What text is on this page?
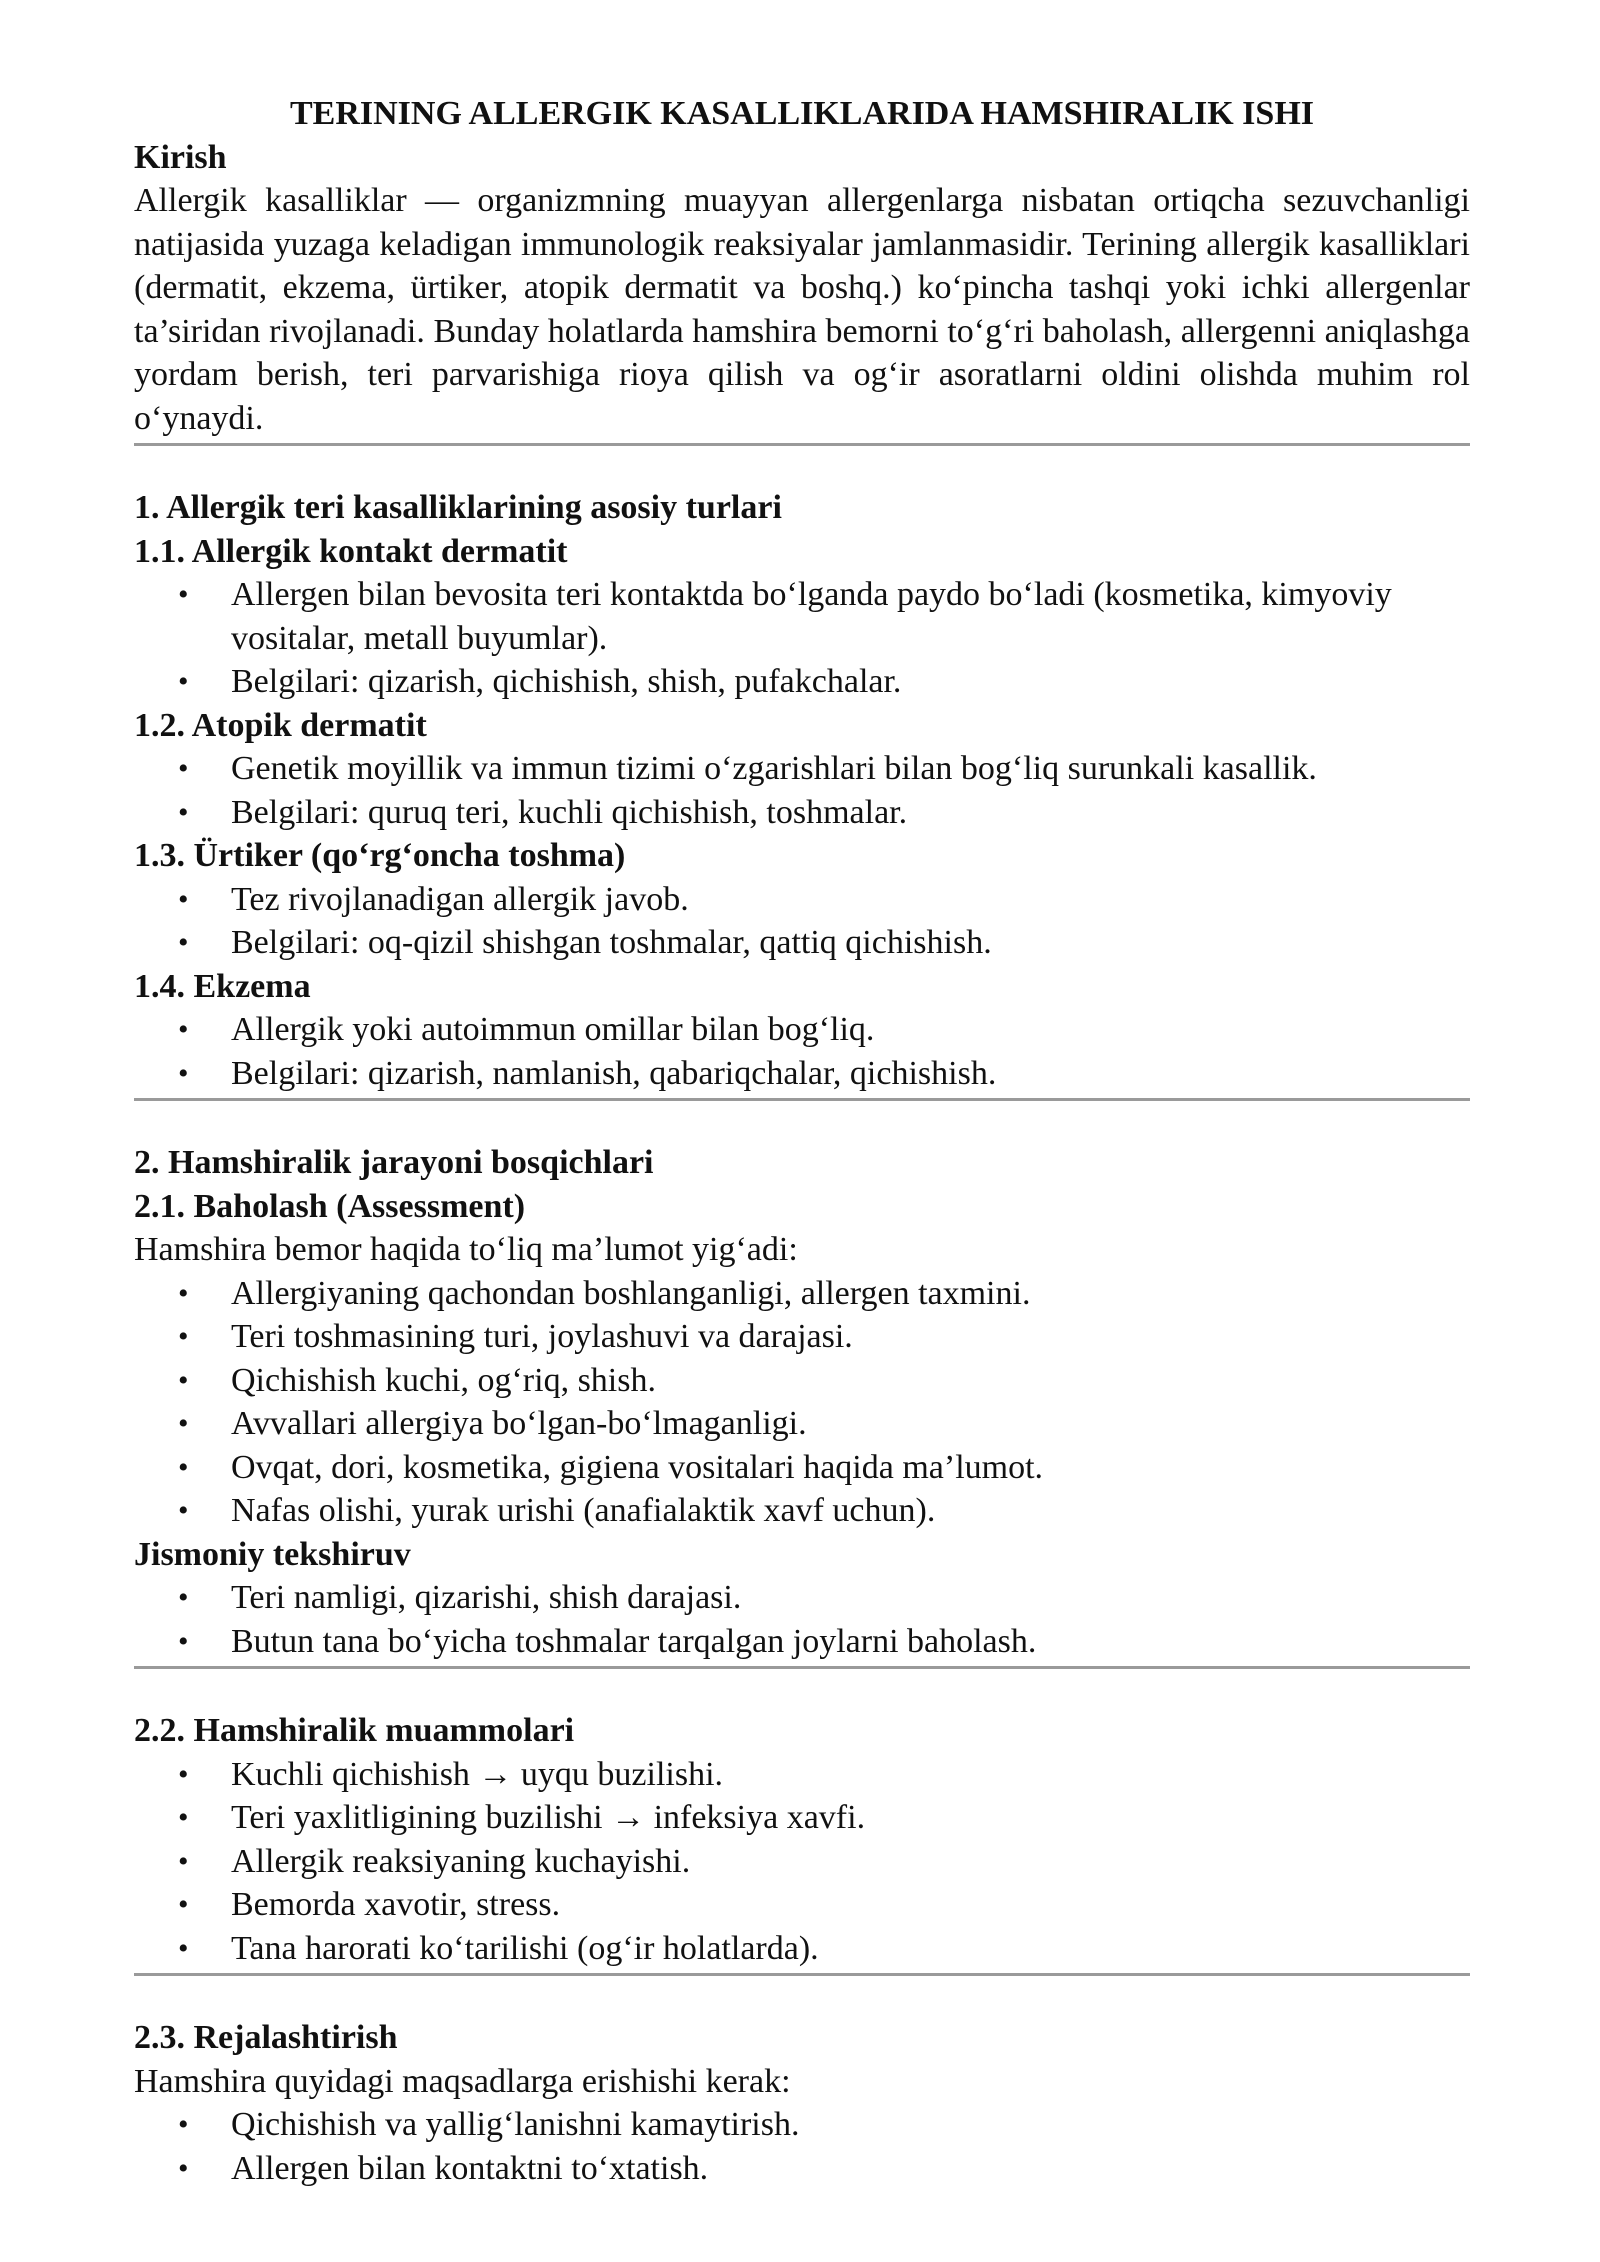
TERINING ALLERGIK KASALLIKLARIDA HAMSHIRALIK ISHI

Kirish

Allergik kasalliklar — organizmning muayyan allergenlarga nisbatan ortiqcha sezuvchanligi natijasida yuzaga keladigan immunologik reaksiyalar jamlanmasidir. Terining allergik kasalliklari (dermatit, ekzema, ürtiker, atopik dermatit va boshq.) ko‘pincha tashqi yoki ichki allergenlar ta’siridan rivojlanadi. Bunday holatlarda hamshira bemorni to‘g‘ri baholash, allergenni aniqlashga yordam berish, teri parvarishiga rioya qilish va og‘ir asoratlarni oldini olishda muhim rol o‘ynaydi.

1. Allergik teri kasalliklarining asosiy turlari

1.1. Allergik kontakt dermatit

• Allergen bilan bevosita teri kontaktda bo‘lganda paydo bo‘ladi (kosmetika, kimyoviy vositalar, metall buyumlar).
• Belgilari: qizarish, qichishish, shish, pufakchalar.

1.2. Atopik dermatit

• Genetik moyillik va immun tizimi o‘zgarishlari bilan bog‘liq surunkali kasallik.
• Belgilari: quruq teri, kuchli qichishish, toshmalar.

1.3. Ürtiker (qo‘rg‘oncha toshma)

• Tez rivojlanadigan allergik javob.
• Belgilari: oq-qizil shishgan toshmalar, qattiq qichishish.

1.4. Ekzema

• Allergik yoki autoimmun omillar bilan bog‘liq.
• Belgilari: qizarish, namlanish, qabariqchalar, qichishish.

2. Hamshiralik jarayoni bosqichlari

2.1. Baholash (Assessment)

Hamshira bemor haqida to‘liq ma’lumot yig‘adi:

• Allergiyaning qachondan boshlanganligi, allergen taxmini.
• Teri toshmasining turi, joylashuvi va darajasi.
• Qichishish kuchi, og‘riq, shish.
• Avvallari allergiya bo‘lgan-bo‘lmaganligi.
• Ovqat, dori, kosmetika, gigiena vositalari haqida ma’lumot.
• Nafas olishi, yurak urishi (anafialaktik xavf uchun).

Jismoniy tekshiruv

• Teri namligi, qizarishi, shish darajasi.
• Butun tana bo‘yicha toshmalar tarqalgan joylarni baholash.

2.2. Hamshiralik muammolari

• Kuchli qichishish → uyqu buzilishi.
• Teri yaxlitligining buzilishi → infeksiya xavfi.
• Allergik reaksiyaning kuchayishi.
• Bemorda xavotir, stress.
• Tana harorati ko‘tarilishi (og‘ir holatlarda).

2.3. Rejalashtirish

Hamshira quyidagi maqsadlarga erishishi kerak:

• Qichishish va yallig‘lanishni kamaytirish.
• Allergen bilan kontaktni to‘xtatish.
